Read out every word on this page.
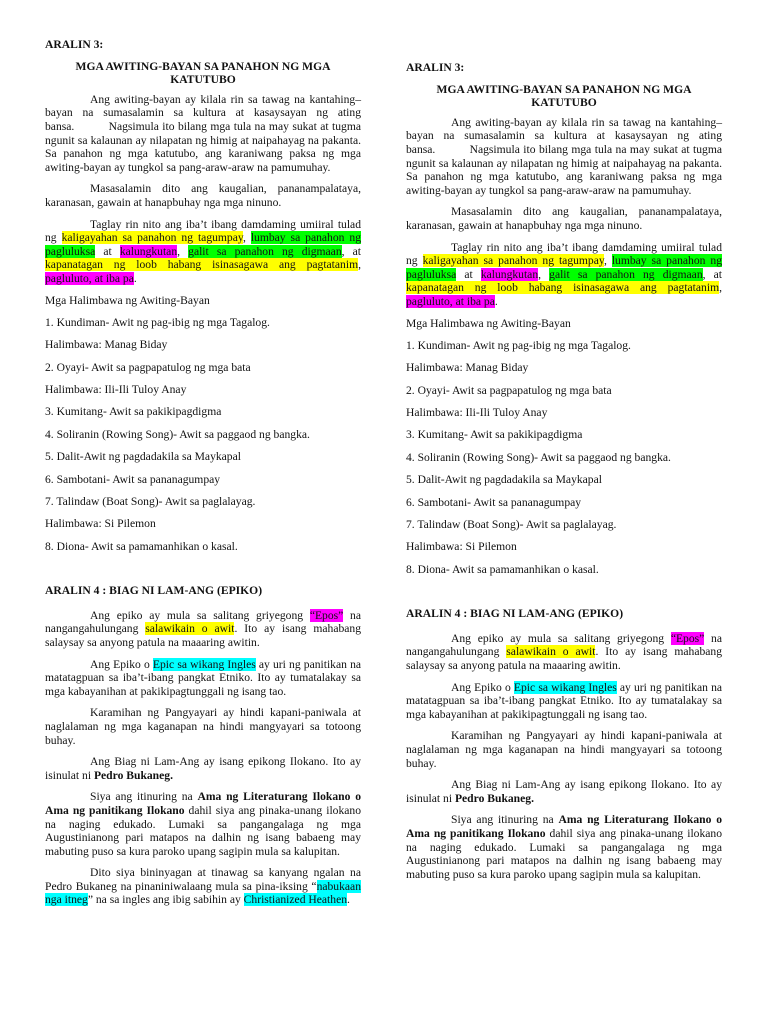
ARALIN 3:

MGA AWITING-BAYAN SA PANAHON NG MGA KATUTUBO

Ang awiting-bayan ay kilala rin sa tawag na kantahing–bayan na sumasalamin sa kultura at kasaysayan ng ating bansa.	Nagsimula ito bilang mga tula na may sukat at tugma ngunit sa kalaunan ay nilapatan ng himig at naipahayag na pakanta. Sa panahon ng mga katutubo, ang karaniwang paksa ng mga awiting-bayan ay tungkol sa pang-araw-araw na pamumuhay.

Masasalamin dito ang kaugalian, pananampalataya, karanasan, gawain at hanapbuhay nga mga ninuno.

Taglay rin nito ang iba’t ibang damdaming umiiral tulad ng kaligayahan sa panahon ng tagumpay, lumbay sa panahon ng pagluluksa at kalungkutan, galit sa panahon ng digmaan, at kapanatagan ng loob habang isinasagawa ang pagtatanim, pagluluto, at iba pa.

Mga Halimbawa ng Awiting-Bayan

1. Kundiman- Awit ng pag-ibig ng mga Tagalog.

Halimbawa: Manag Biday

2. Oyayi- Awit sa pagpapatulog ng mga bata

Halimbawa: Ili-Ili Tuloy Anay

3. Kumitang- Awit sa pakikipagdigma

4. Soliranin (Rowing Song)- Awit sa paggaod ng bangka.

5. Dalit-Awit ng pagdadakila sa Maykapal

6. Sambotani- Awit sa pananagumpay

7. Talindaw (Boat Song)- Awit sa paglalayag.

Halimbawa: Si Pilemon

8. Diona- Awit sa pamamanhikan o kasal.

ARALIN 4 : BIAG NI LAM-ANG (EPIKO)

Ang epiko ay mula sa salitang griyegong “Epos” na nangangahulungang salawikain o awit. Ito ay isang mahabang salaysay sa anyong patula na maaaring awitin.

Ang Epiko o Epic sa wikang Ingles ay uri ng panitikan na matatagpuan sa iba’t-ibang pangkat Etniko. Ito ay tumatalakay sa mga kabayanihan at pakikipagtunggali ng isang tao.

Karamihan ng Pangyayari ay hindi kapani-paniwala at naglalaman ng mga kaganapan na hindi mangyayari sa totoong buhay.

Ang Biag ni Lam-Ang ay isang epikong Ilokano. Ito ay isinulat ni Pedro Bukaneg.

Siya ang itinuring na Ama ng Literaturang Ilokano o Ama ng panitikang Ilokano dahil siya ang pinaka-unang ilokano na naging edukado. Lumaki sa pangangalaga ng mga Augustinianong pari matapos na dalhin ng isang babaeng may mabuting puso sa kura paroko upang sagipin mula sa kalupitan.

Dito siya bininyagan at tinawag sa kanyang ngalan na Pedro Bukaneg na pinaniniwalaang mula sa pina-iksing “nabukaan nga itneg” na sa ingles ang ibig sabihin ay Christianized Heathen.

ARALIN 3:

MGA AWITING-BAYAN SA PANAHON NG MGA KATUTUBO

Ang awiting-bayan ay kilala rin sa tawag na kantahing–bayan na sumasalamin sa kultura at kasaysayan ng ating bansa.	Nagsimula ito bilang mga tula na may sukat at tugma ngunit sa kalaunan ay nilapatan ng himig at naipahayag na pakanta. Sa panahon ng mga katutubo, ang karaniwang paksa ng mga awiting-bayan ay tungkol sa pang-araw-araw na pamumuhay.

Masasalamin dito ang kaugalian, pananampalataya, karanasan, gawain at hanapbuhay nga mga ninuno.

Taglay rin nito ang iba’t ibang damdaming umiiral tulad ng kaligayahan sa panahon ng tagumpay, lumbay sa panahon ng pagluluksa at kalungkutan, galit sa panahon ng digmaan, at kapanatagan ng loob habang isinasagawa ang pagtatanim, pagluluto, at iba pa.

Mga Halimbawa ng Awiting-Bayan

1. Kundiman- Awit ng pag-ibig ng mga Tagalog.

Halimbawa: Manag Biday

2. Oyayi- Awit sa pagpapatulog ng mga bata

Halimbawa: Ili-Ili Tuloy Anay

3. Kumitang- Awit sa pakikipagdigma

4. Soliranin (Rowing Song)- Awit sa paggaod ng bangka.

5. Dalit-Awit ng pagdadakila sa Maykapal

6. Sambotani- Awit sa pananagumpay

7. Talindaw (Boat Song)- Awit sa paglalayag.

Halimbawa: Si Pilemon

8. Diona- Awit sa pamamanhikan o kasal.

ARALIN 4 : BIAG NI LAM-ANG (EPIKO)

Ang epiko ay mula sa salitang griyegong “Epos” na nangangahulungang salawikain o awit. Ito ay isang mahabang salaysay sa anyong patula na maaaring awitin.

Ang Epiko o Epic sa wikang Ingles ay uri ng panitikan na matatagpuan sa iba’t-ibang pangkat Etniko. Ito ay tumatalakay sa mga kabayanihan at pakikipagtunggali ng isang tao.

Karamihan ng Pangyayari ay hindi kapani-paniwala at naglalaman ng mga kaganapan na hindi mangyayari sa totoong buhay.

Ang Biag ni Lam-Ang ay isang epikong Ilokano. Ito ay isinulat ni Pedro Bukaneg.

Siya ang itinuring na Ama ng Literaturang Ilokano o Ama ng panitikang Ilokano dahil siya ang pinaka-unang ilokano na naging edukado. Lumaki sa pangangalaga ng mga Augustinianong pari matapos na dalhin ng isang babaeng may mabuting puso sa kura paroko upang sagipin mula sa kalupitan.
